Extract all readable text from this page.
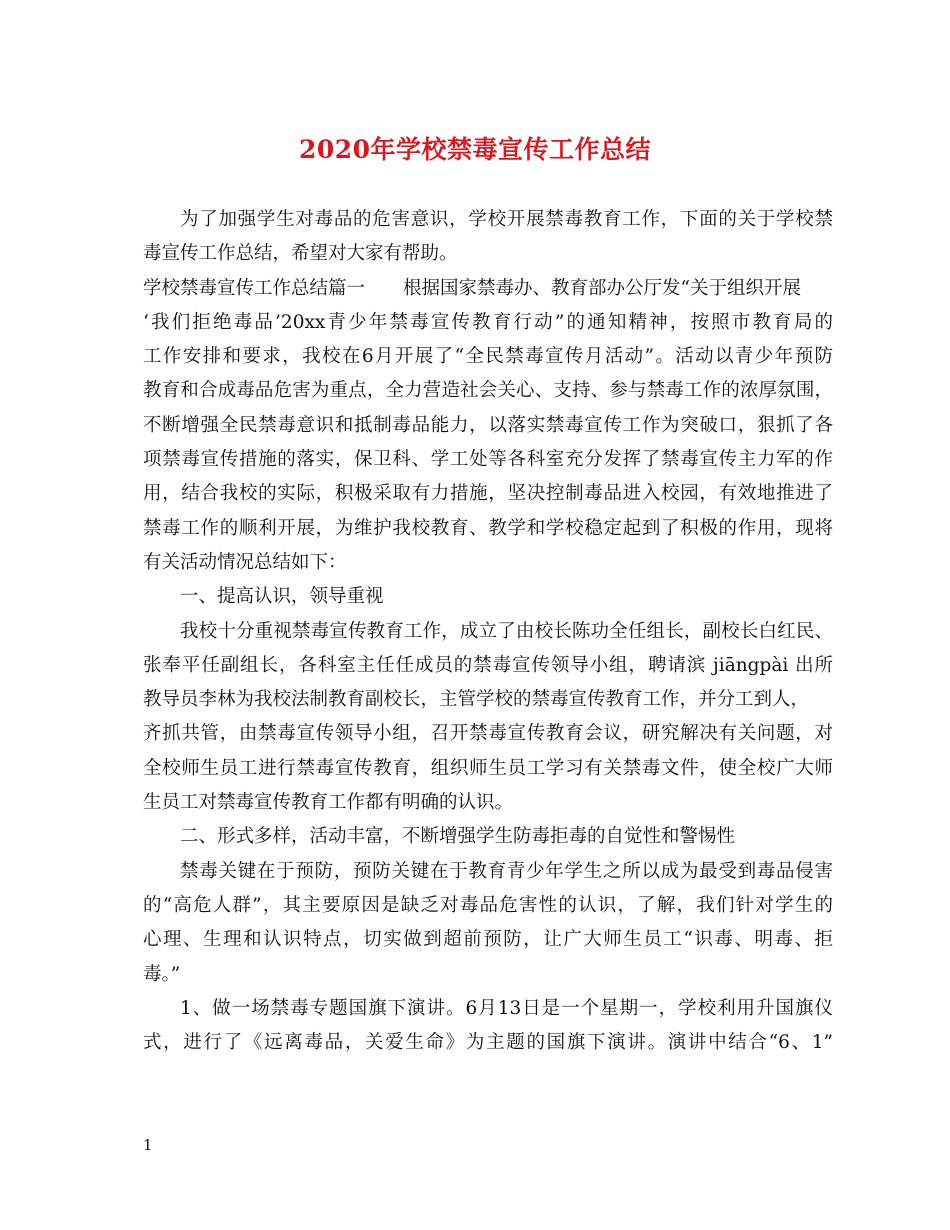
2020年学校禁毒宣传工作总结
为了加强学生对毒品的危害意识，学校开展禁毒教育工作，下面的关于学校禁
毒宣传工作总结，希望对大家有帮助。
学校禁毒宣传工作总结篇一 根据国家禁毒办、教育部办公厅发“关于组织开展
‘我们拒绝毒品’20xx青少年禁毒宣传教育行动”的通知精神，按照市教育局的
工作安排和要求，我校在6月开展了“全民禁毒宣传月活动”。活动以青少年预防
教育和合成毒品危害为重点，全力营造社会关心、支持、参与禁毒工作的浓厚氛围，
不断增强全民禁毒意识和抵制毒品能力，以落实禁毒宣传工作为突破口，狠抓了各
项禁毒宣传措施的落实，保卫科、学工处等各科室充分发挥了禁毒宣传主力军的作
用，结合我校的实际，积极采取有力措施，坚决控制毒品进入校园，有效地推进了
禁毒工作的顺利开展，为维护我校教育、教学和学校稳定起到了积极的作用，现将
有关活动情况总结如下：
一、提高认识，领导重视
我校十分重视禁毒宣传教育工作，成立了由校长陈功全任组长，副校长白红民、
张奉平任副组长，各科室主任任成员的禁毒宣传领导小组，聘请滨 jiāngpài 出所
教导员李林为我校法制教育副校长，主管学校的禁毒宣传教育工作，并分工到人，
齐抓共管，由禁毒宣传领导小组，召开禁毒宣传教育会议，研究解决有关问题，对
全校师生员工进行禁毒宣传教育，组织师生员工学习有关禁毒文件，使全校广大师
生员工对禁毒宣传教育工作都有明确的认识。
二、形式多样，活动丰富，不断增强学生防毒拒毒的自觉性和警惕性
禁毒关键在于预防，预防关键在于教育青少年学生之所以成为最受到毒品侵害
的“高危人群”，其主要原因是缺乏对毒品危害性的认识，了解，我们针对学生的
心理、生理和认识特点，切实做到超前预防，让广大师生员工“识毒、明毒、拒
毒。”
1、做一场禁毒专题国旗下演讲。6月13日是一个星期一，学校利用升国旗仪
式，进行了《远离毒品，关爱生命》为主题的国旗下演讲。演讲中结合“6、1”
1
